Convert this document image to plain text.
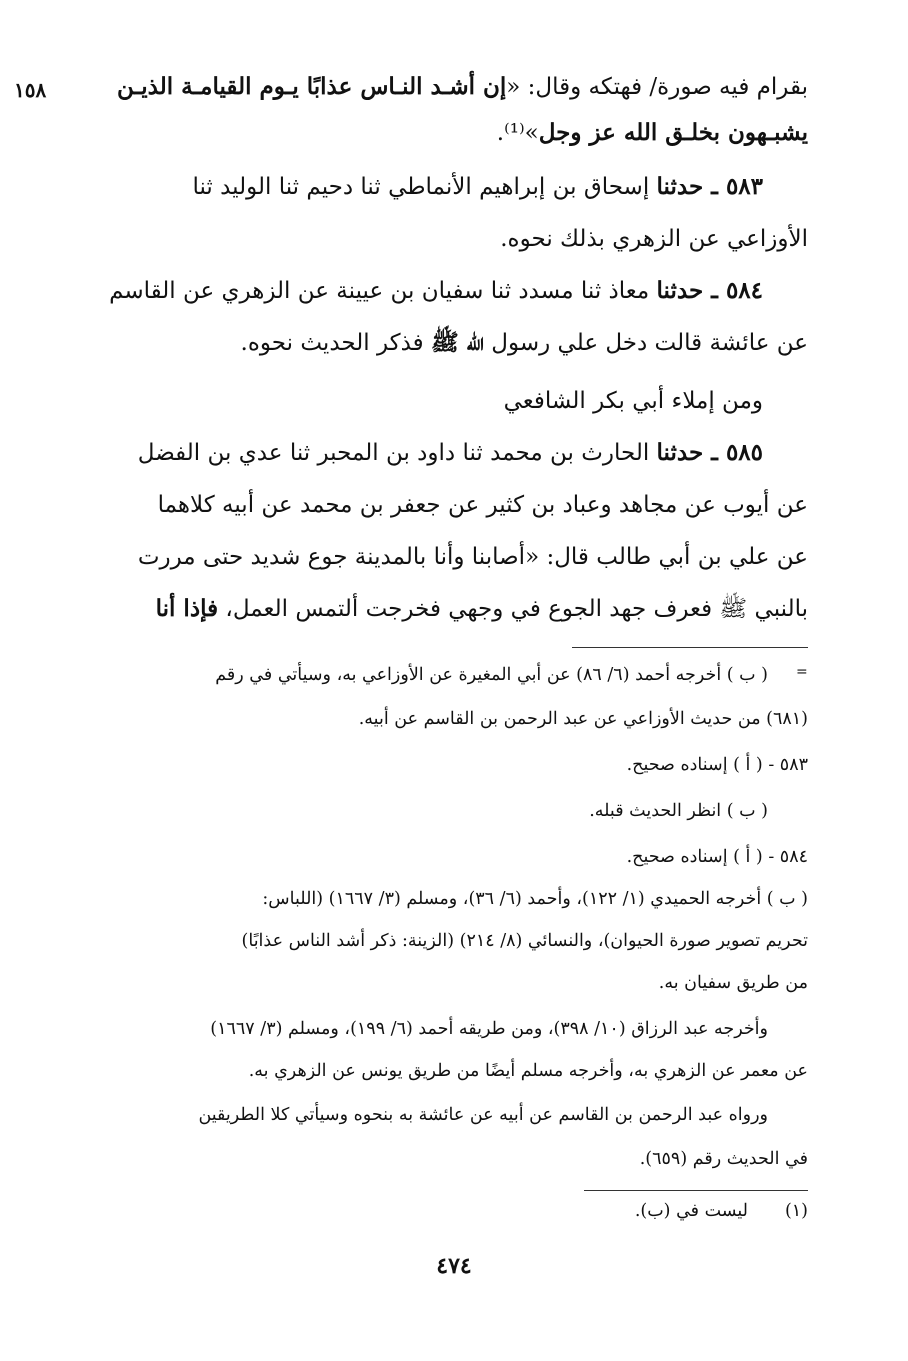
١٥٨	بقرام فيه صورة/ فهتكه وقال: «إن أشـد النـاس عذابًا يـوم القيامـة الذيـن
يشبـهون بخلـق الله عز وجل»⁽¹⁾.
٥٨٣ ـ حدثنا إسحاق بن إبراهيم الأنماطي ثنا دحيم ثنا الوليد ثنا
الأوزاعي عن الزهري بذلك نحوه.
٥٨٤ ـ حدثنا معاذ ثنا مسدد ثنا سفيان بن عيينة عن الزهري عن القاسم
عن عائشة قالت دخل علي رسول الله ﷺ فذكر الحديث نحوه.
ومن إملاء أبي بكر الشافعي
٥٨٥ ـ حدثنا الحارث بن محمد ثنا داود بن المحبر ثنا عدي بن الفضل
عن أيوب عن مجاهد وعباد بن كثير عن جعفر بن محمد عن أبيه كلاهما
عن علي بن أبي طالب قال: «أصابنا وأنا بالمدينة جوع شديد حتى مررت
بالنبي ﷺ فعرف جهد الجوع في وجهي فخرجت ألتمس العمل، فإذا أنا
=
( ب ) أخرجه أحمد (٦/ ٨٦) عن أبي المغيرة عن الأوزاعي به، وسيأتي في رقم
(٦٨١) من حديث الأوزاعي عن عبد الرحمن بن القاسم عن أبيه.
٥٨٣ - ( أ ) إسناده صحيح.
( ب ) انظر الحديث قبله.
٥٨٤ - ( أ ) إسناده صحيح.
( ب ) أخرجه الحميدي (١/ ١٢٢)، وأحمد (٦/ ٣٦)، ومسلم (٣/ ١٦٦٧) (اللباس:
تحريم تصوير صورة الحيوان)، والنسائي (٨/ ٢١٤) (الزينة: ذكر أشد الناس عذابًا)
من طريق سفيان به.
وأخرجه عبد الرزاق (١٠/ ٣٩٨)، ومن طريقه أحمد (٦/ ١٩٩)، ومسلم (٣/ ١٦٦٧)
عن معمر عن الزهري به، وأخرجه مسلم أيضًا من طريق يونس عن الزهري به.
ورواه عبد الرحمن بن القاسم عن أبيه عن عائشة به بنحوه وسيأتي كلا الطريقين
في الحديث رقم (٦٥٩).
(١)
ليست في (ب).
٤٧٤
